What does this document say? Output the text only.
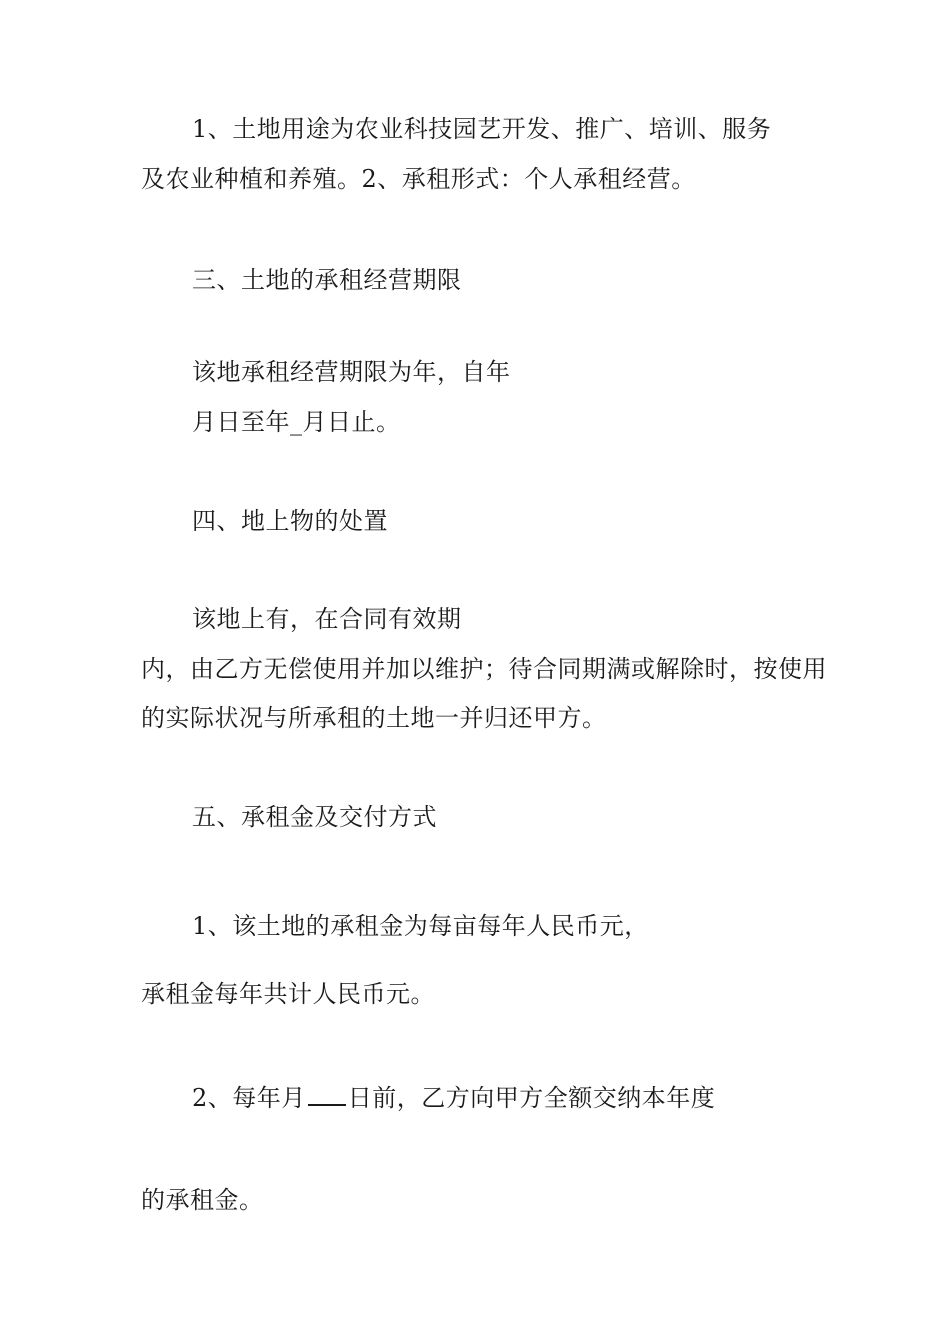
1、土地用途为农业科技园艺开发、推广、培训、服务
及农业种植和养殖。2、承租形式：个人承租经营。
三、土地的承租经营期限
该地承租经营期限为年，自年
月日至年_月日止。
四、地上物的处置
该地上有，在合同有效期
内，由乙方无偿使用并加以维护；待合同期满或解除时，按使用
的实际状况与所承租的土地一并归还甲方。
五、承租金及交付方式
1、该土地的承租金为每亩每年人民币元，
承租金每年共计人民币元。
2、每年月 日前，乙方向甲方全额交纳本年度
的承租金。
